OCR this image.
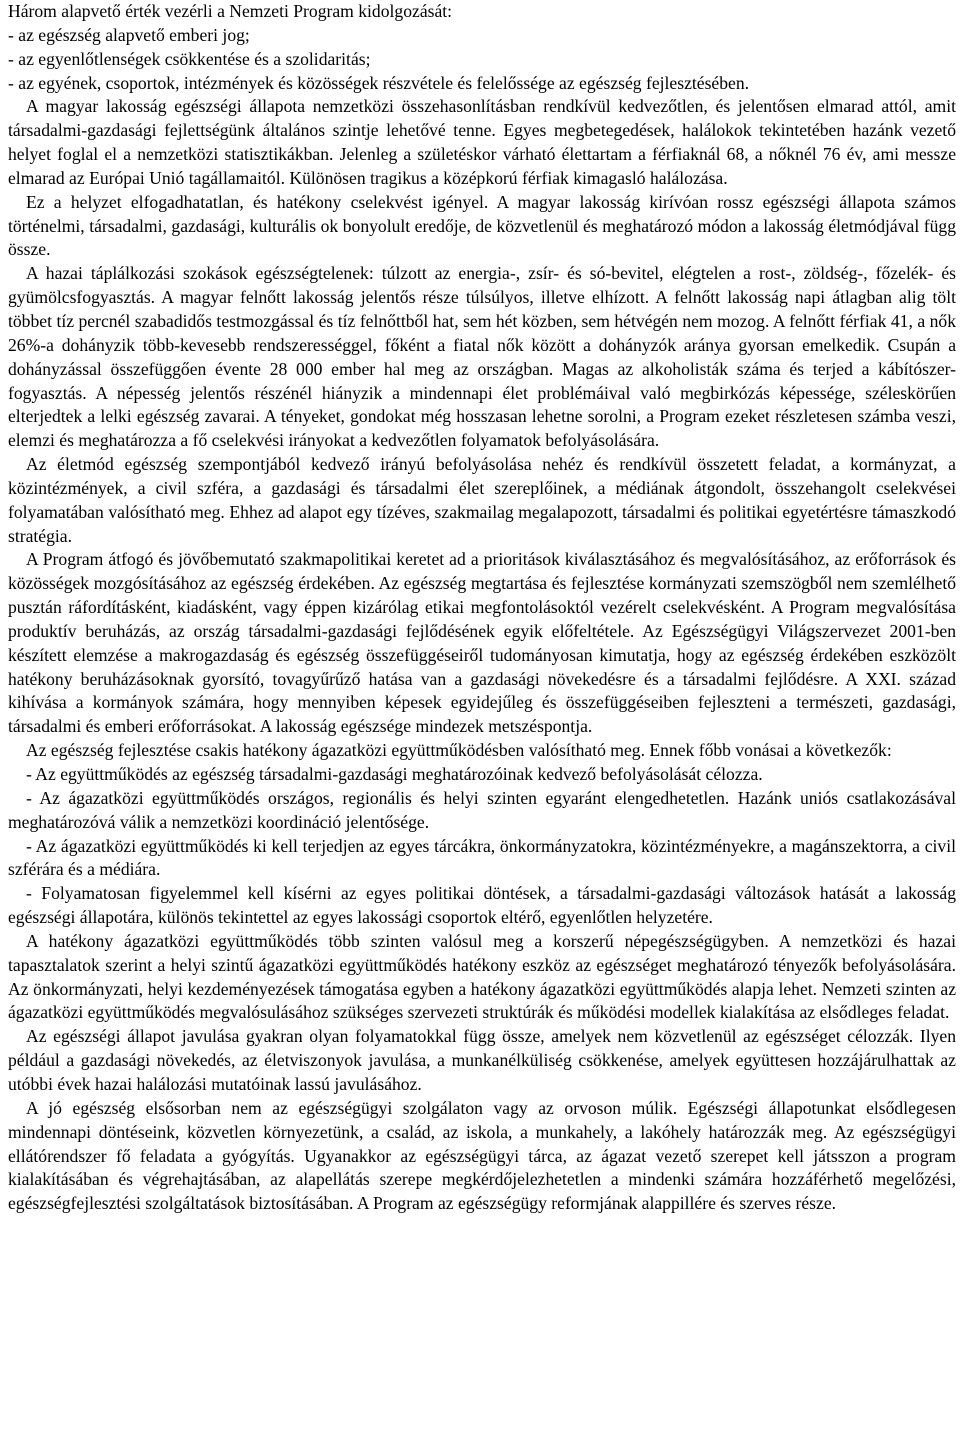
Három alapvető érték vezérli a Nemzeti Program kidolgozását:

- az egészség alapvető emberi jog;

- az egyenlőtlenségek csökkentése és a szolidaritás;

- az egyének, csoportok, intézmények és közösségek részvétele és felelőssége az egészség fejlesztésében.

A magyar lakosság egészségi állapota nemzetközi összehasonlításban rendkívül kedvezőtlen, és jelentősen elmarad attól, amit társadalmi-gazdasági fejlettségünk általános szintje lehetővé tenne. Egyes megbetegedések, halálokok tekintetében hazánk vezető helyet foglal el a nemzetközi statisztikákban. Jelenleg a születéskor várható élettartam a férfiaknál 68, a nőknél 76 év, ami messze elmarad az Európai Unió tagállamaitól. Különösen tragikus a középkorú férfiak kimagasló halálozása.

Ez a helyzet elfogadhatatlan, és hatékony cselekvést igényel. A magyar lakosság kirívóan rossz egészségi állapota számos történelmi, társadalmi, gazdasági, kulturális ok bonyolult eredője, de közvetlenül és meghatározó módon a lakosság életmódjával függ össze.

A hazai táplálkozási szokások egészségtelenek: túlzott az energia-, zsír- és só-bevitel, elégtelen a rost-, zöldség-, főzelék- és gyümölcsfogyasztás. A magyar felnőtt lakosság jelentős része túlsúlyos, illetve elhízott. A felnőtt lakosság napi átlagban alig tölt többet tíz percnél szabadidős testmozgással és tíz felnőttből hat, sem hét közben, sem hétvégén nem mozog. A felnőtt férfiak 41, a nők 26%-a dohányzik több-kevesebb rendszerességgel, főként a fiatal nők között a dohányzók aránya gyorsan emelkedik. Csupán a dohányzással összefüggően évente 28 000 ember hal meg az országban. Magas az alkoholisták száma és terjed a kábítószer-fogyasztás. A népesség jelentős részénél hiányzik a mindennapi élet problémáival való megbirkózás képessége, széleskörűen elterjedtek a lelki egészség zavarai. A tényeket, gondokat még hosszasan lehetne sorolni, a Program ezeket részletesen számba veszi, elemzi és meghatározza a fő cselekvési irányokat a kedvezőtlen folyamatok befolyásolására.

Az életmód egészség szempontjából kedvező irányú befolyásolása nehéz és rendkívül összetett feladat, a kormányzat, a közintézmények, a civil szféra, a gazdasági és társadalmi élet szereplőinek, a médiának átgondolt, összehangolt cselekvései folyamatában valósítható meg. Ehhez ad alapot egy tízéves, szakmailag megalapozott, társadalmi és politikai egyetértésre támaszkodó stratégia.

A Program átfogó és jövőbemutató szakmapolitikai keretet ad a prioritások kiválasztásához és megvalósításához, az erőforrások és közösségek mozgósításához az egészség érdekében. Az egészség megtartása és fejlesztése kormányzati szemszögből nem szemlélhető pusztán ráfordításként, kiadásként, vagy éppen kizárólag etikai megfontolásoktól vezérelt cselekvésként. A Program megvalósítása produktív beruházás, az ország társadalmi-gazdasági fejlődésének egyik előfeltétele. Az Egészségügyi Világszervezet 2001-ben készített elemzése a makrogazdaság és egészség összefüggéseiről tudományosan kimutatja, hogy az egészség érdekében eszközölt hatékony beruházásoknak gyorsító, tovagyűrűző hatása van a gazdasági növekedésre és a társadalmi fejlődésre. A XXI. század kihívása a kormányok számára, hogy mennyiben képesek egyidejűleg és összefüggéseiben fejleszteni a természeti, gazdasági, társadalmi és emberi erőforrásokat. A lakosság egészsége mindezek metszéspontja.

Az egészség fejlesztése csakis hatékony ágazatközi együttműködésben valósítható meg. Ennek főbb vonásai a következők:

- Az együttműködés az egészség társadalmi-gazdasági meghatározóinak kedvező befolyásolását célozza.

- Az ágazatközi együttműködés országos, regionális és helyi szinten egyaránt elengedhetetlen. Hazánk uniós csatlakozásával meghatározóvá válik a nemzetközi koordináció jelentősége.

- Az ágazatközi együttműködés ki kell terjedjen az egyes tárcákra, önkormányzatokra, közintézményekre, a magánszektorra, a civil szférára és a médiára.

- Folyamatosan figyelemmel kell kísérni az egyes politikai döntések, a társadalmi-gazdasági változások hatását a lakosság egészségi állapotára, különös tekintettel az egyes lakossági csoportok eltérő, egyenlőtlen helyzetére.

A hatékony ágazatközi együttműködés több szinten valósul meg a korszerű népegészségügyben. A nemzetközi és hazai tapasztalatok szerint a helyi szintű ágazatközi együttműködés hatékony eszköz az egészséget meghatározó tényezők befolyásolására. Az önkormányzati, helyi kezdeményezések támogatása egyben a hatékony ágazatközi együttműködés alapja lehet. Nemzeti szinten az ágazatközi együttműködés megvalósulásához szükséges szervezeti struktúrák és működési modellek kialakítása az elsődleges feladat.

Az egészségi állapot javulása gyakran olyan folyamatokkal függ össze, amelyek nem közvetlenül az egészséget célozzák. Ilyen például a gazdasági növekedés, az életviszonyok javulása, a munkanélküliség csökkenése, amelyek együttesen hozzájárulhattak az utóbbi évek hazai halálozási mutatóinak lassú javulásához.

A jó egészség elsősorban nem az egészségügyi szolgálaton vagy az orvoson múlik. Egészségi állapotunkat elsődlegesen mindennapi döntéseink, közvetlen környezetünk, a család, az iskola, a munkahely, a lakóhely határozzák meg. Az egészségügyi ellátórendszer fő feladata a gyógyítás. Ugyanakkor az egészségügyi tárca, az ágazat vezető szerepet kell játsszon a program kialakításában és végrehajtásában, az alapellátás szerepe megkérdőjelezhetetlen a mindenki számára hozzáférhető megelőzési, egészségfejlesztési szolgáltatások biztosításában. A Program az egészségügy reformjának alappillére és szerves része.
